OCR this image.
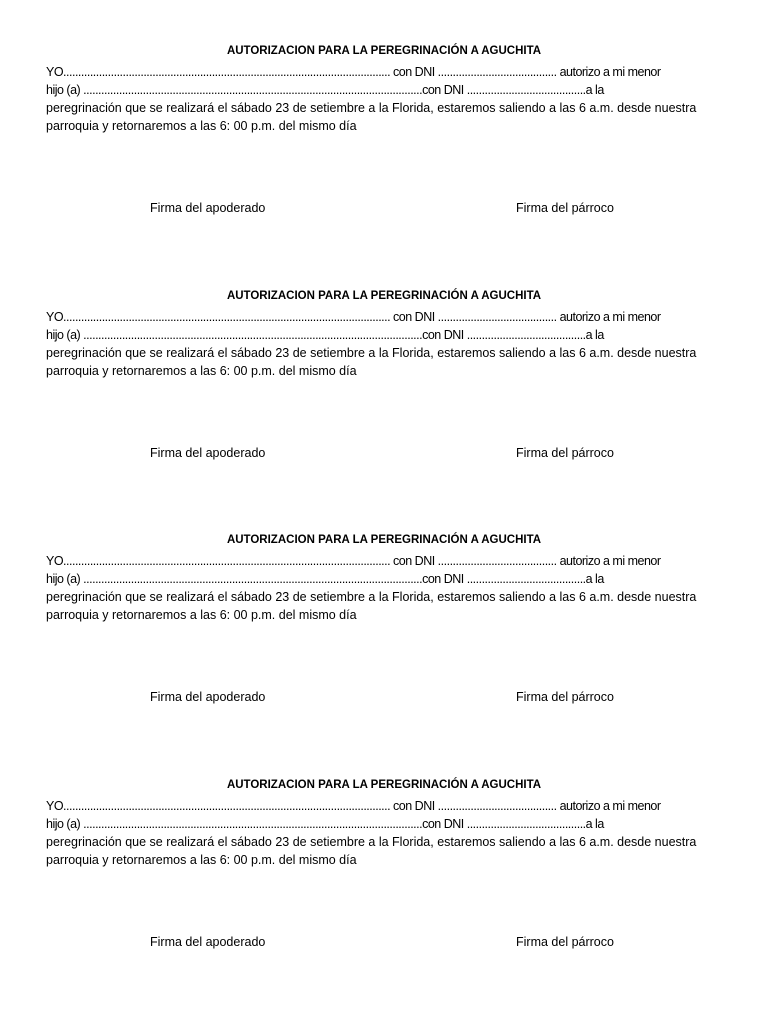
AUTORIZACION PARA LA PEREGRINACIÓN A AGUCHITA
YO.............................................................................................................. con DNI ........................................ autorizo a mi menor
hijo (a) ..................................................................................................................con DNI ........................................a la
peregrinación que se realizará el sábado 23 de setiembre a la Florida, estaremos saliendo a las 6 a.m. desde nuestra
parroquia y retornaremos a las 6: 00 p.m. del mismo día
Firma del apoderado	Firma del párroco
AUTORIZACION PARA LA PEREGRINACIÓN A AGUCHITA
YO.............................................................................................................. con DNI ........................................ autorizo a mi menor
hijo (a) ..................................................................................................................con DNI ........................................a la
peregrinación que se realizará el sábado 23 de setiembre a la Florida, estaremos saliendo a las 6 a.m. desde nuestra
parroquia y retornaremos a las 6: 00 p.m. del mismo día
Firma del apoderado	Firma del párroco
AUTORIZACION PARA LA PEREGRINACIÓN A AGUCHITA
YO.............................................................................................................. con DNI ........................................ autorizo a mi menor
hijo (a) ..................................................................................................................con DNI ........................................a la
peregrinación que se realizará el sábado 23 de setiembre a la Florida, estaremos saliendo a las 6 a.m. desde nuestra
parroquia y retornaremos a las 6: 00 p.m. del mismo día
Firma del apoderado	Firma del párroco
AUTORIZACION PARA LA PEREGRINACIÓN A AGUCHITA
YO.............................................................................................................. con DNI ........................................ autorizo a mi menor
hijo (a) ..................................................................................................................con DNI ........................................a la
peregrinación que se realizará el sábado 23 de setiembre a la Florida, estaremos saliendo a las 6 a.m. desde nuestra
parroquia y retornaremos a las 6: 00 p.m. del mismo día
Firma del apoderado	Firma del párroco
